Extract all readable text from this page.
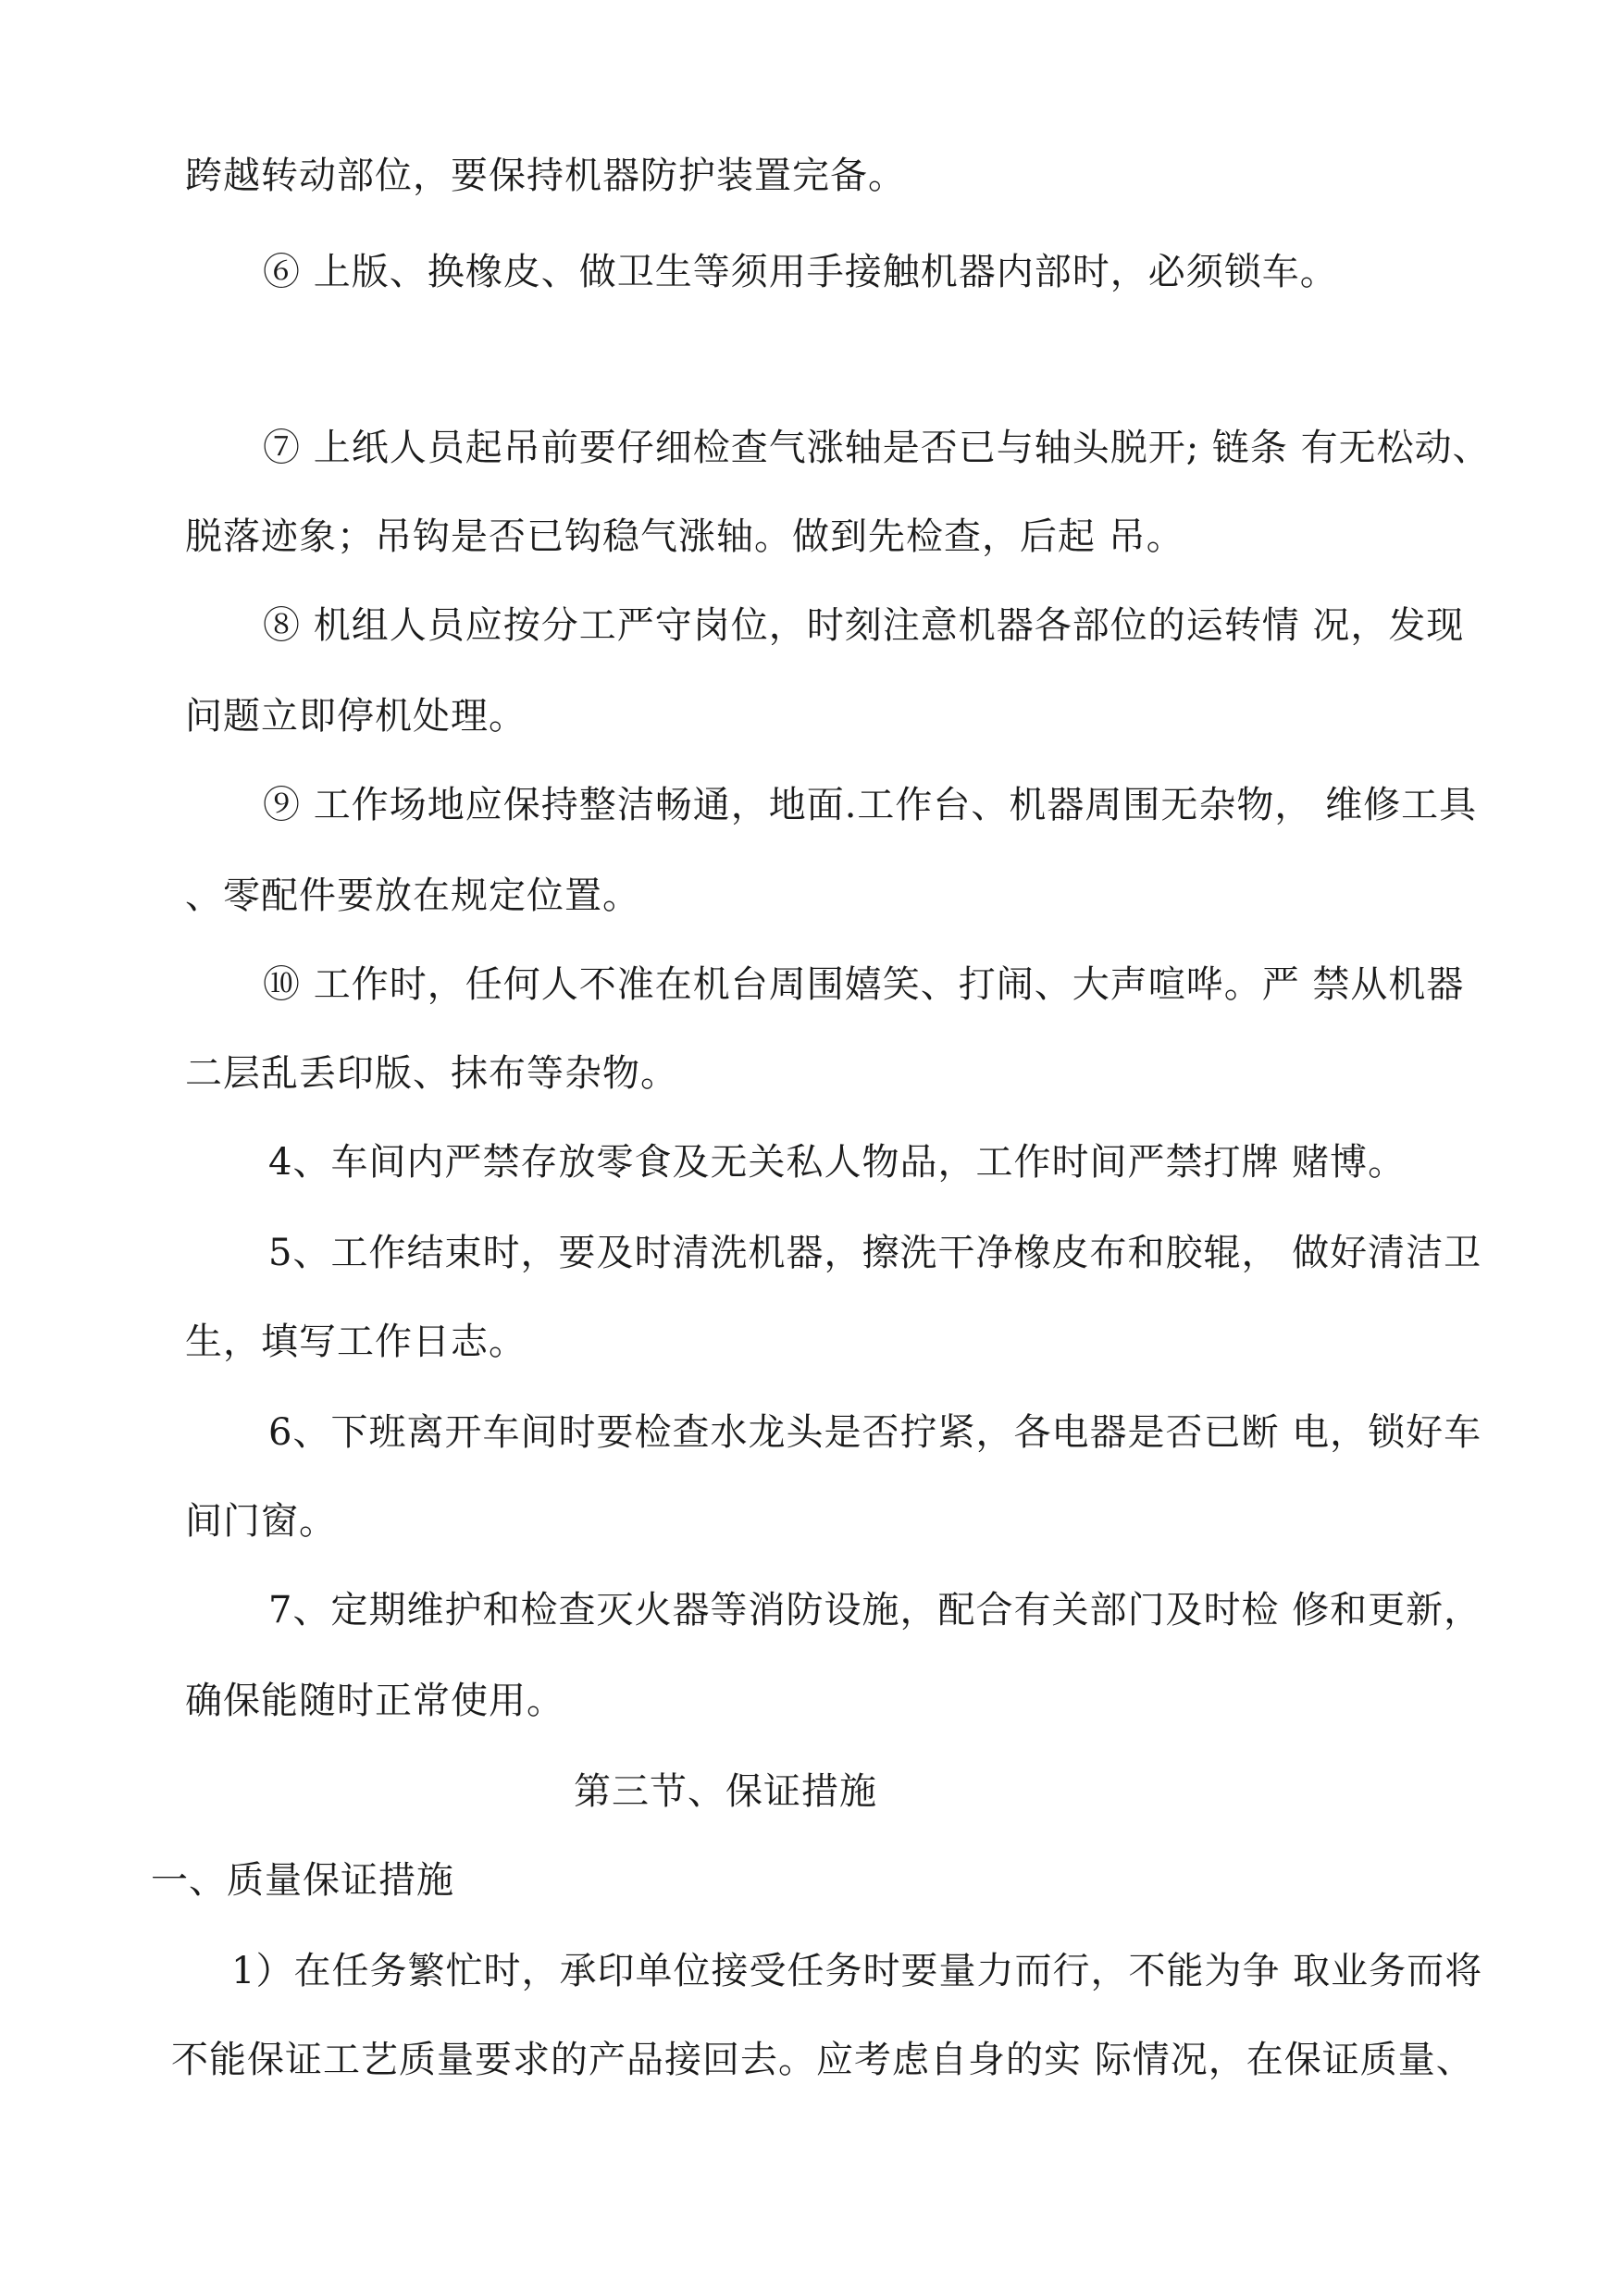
跨越转动部位，要保持机器防护装置完备。
⑥ 上版、换橡皮、做卫生等须用手接触机器内部时，必须锁车。
⑦ 上纸人员起吊前要仔细检查气涨轴是否已与轴头脱开; 链条 有无松动、
脱落迹象；吊钩是否已钩稳气涨轴。做到先检查，后起 吊。
⑧ 机组人员应按分工严守岗位，时刻注意机器各部位的运转情 况，发现
问题立即停机处理。
⑨ 工作场地应保持整洁畅通，地面.工作台、机器周围无杂物， 维修工具
、零配件要放在规定位置。
⑩ 工作时，任何人不准在机台周围嬉笑、打闹、大声喧哗。严 禁从机器
二层乱丢印版、抹布等杂物。
4、车间内严禁存放零食及无关私人物品，工作时间严禁打牌 赌博。
5、工作结束时，要及时清洗机器，擦洗干净橡皮布和胶辊， 做好清洁卫
生，填写工作日志。
6、下班离开车间时要检查水龙头是否拧紧，各电器是否已断 电，锁好车
间门窗。
7、定期维护和检查灭火器等消防设施，配合有关部门及时检 修和更新，
确保能随时正常使用。
第三节、保证措施
一、质量保证措施
1）在任务繁忙时，承印单位接受任务时要量力而行，不能为争 取业务而将
不能保证工艺质量要求的产品接回去。应考虑自身的实 际情况，在保证质量、
